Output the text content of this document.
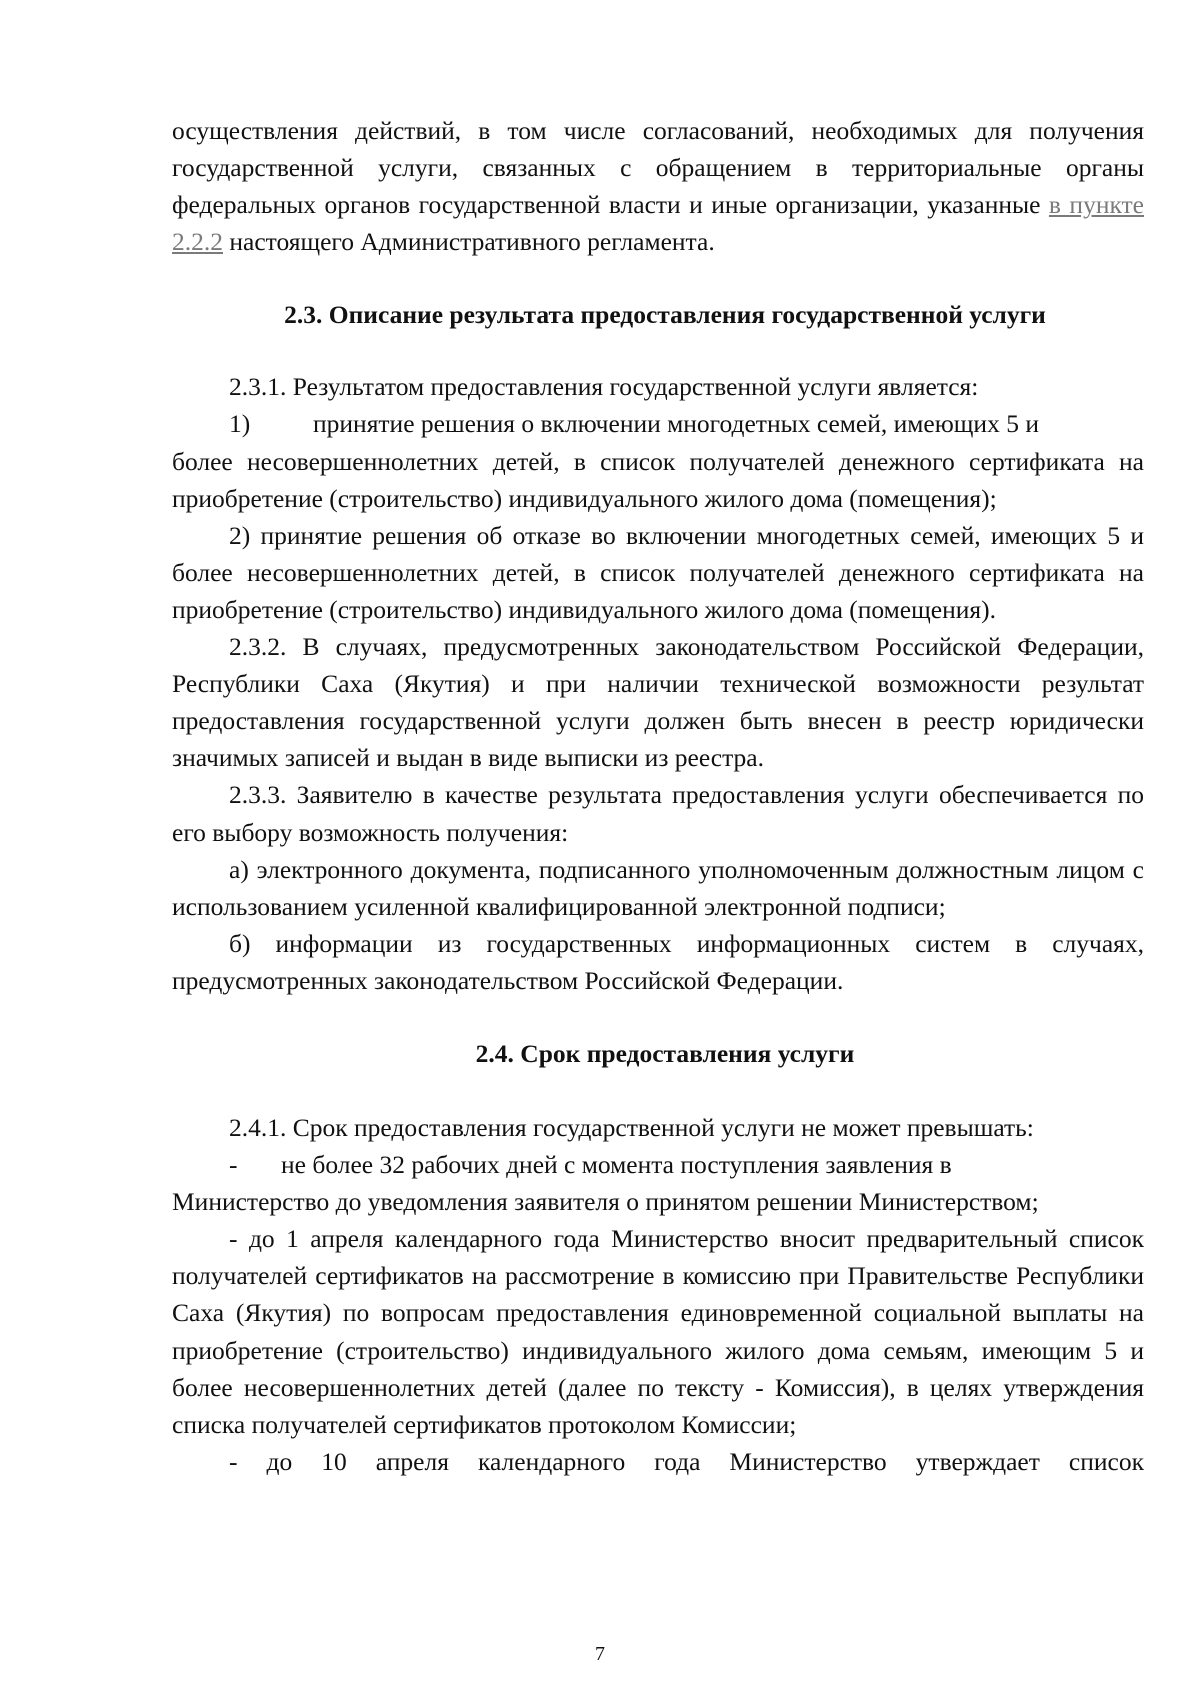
осуществления действий, в том числе согласований, необходимых для получения государственной услуги, связанных с обращением в территориальные органы федеральных органов государственной власти и иные организации, указанные в пункте 2.2.2 настоящего Административного регламента.

2.3. Описание результата предоставления государственной услуги

2.3.1. Результатом предоставления государственной услуги является:

1)	принятие решения о включении многодетных семей, имеющих 5 и

более несовершеннолетних детей, в список получателей денежного сертификата на приобретение (строительство) индивидуального жилого дома (помещения);

2) принятие решения об отказе во включении многодетных семей, имеющих 5 и более несовершеннолетних детей, в список получателей денежного сертификата на приобретение (строительство) индивидуального жилого дома (помещения).

2.3.2. В случаях, предусмотренных законодательством Российской Федерации, Республики Саха (Якутия) и при наличии технической возможности результат предоставления государственной услуги должен быть внесен в реестр юридически значимых записей и выдан в виде выписки из реестра.

2.3.3. Заявителю в качестве результата предоставления услуги обеспечивается по его выбору возможность получения:

а) электронного документа, подписанного уполномоченным должностным лицом с использованием усиленной квалифицированной электронной подписи;

б) информации из государственных информационных систем в случаях, предусмотренных законодательством Российской Федерации.

2.4. Срок предоставления услуги

2.4.1. Срок предоставления государственной услуги не может превышать:

-	не более 32 рабочих дней с момента поступления заявления в

Министерство до уведомления заявителя о принятом решении Министерством;

- до 1 апреля календарного года Министерство вносит предварительный список получателей сертификатов на рассмотрение в комиссию при Правительстве Республики Саха (Якутия) по вопросам предоставления единовременной социальной выплаты на приобретение (строительство) индивидуального жилого дома семьям, имеющим 5 и более несовершеннолетних детей (далее по тексту - Комиссия), в целях утверждения списка получателей сертификатов протоколом Комиссии;

- до 10 апреля календарного года Министерство утверждает список

7
